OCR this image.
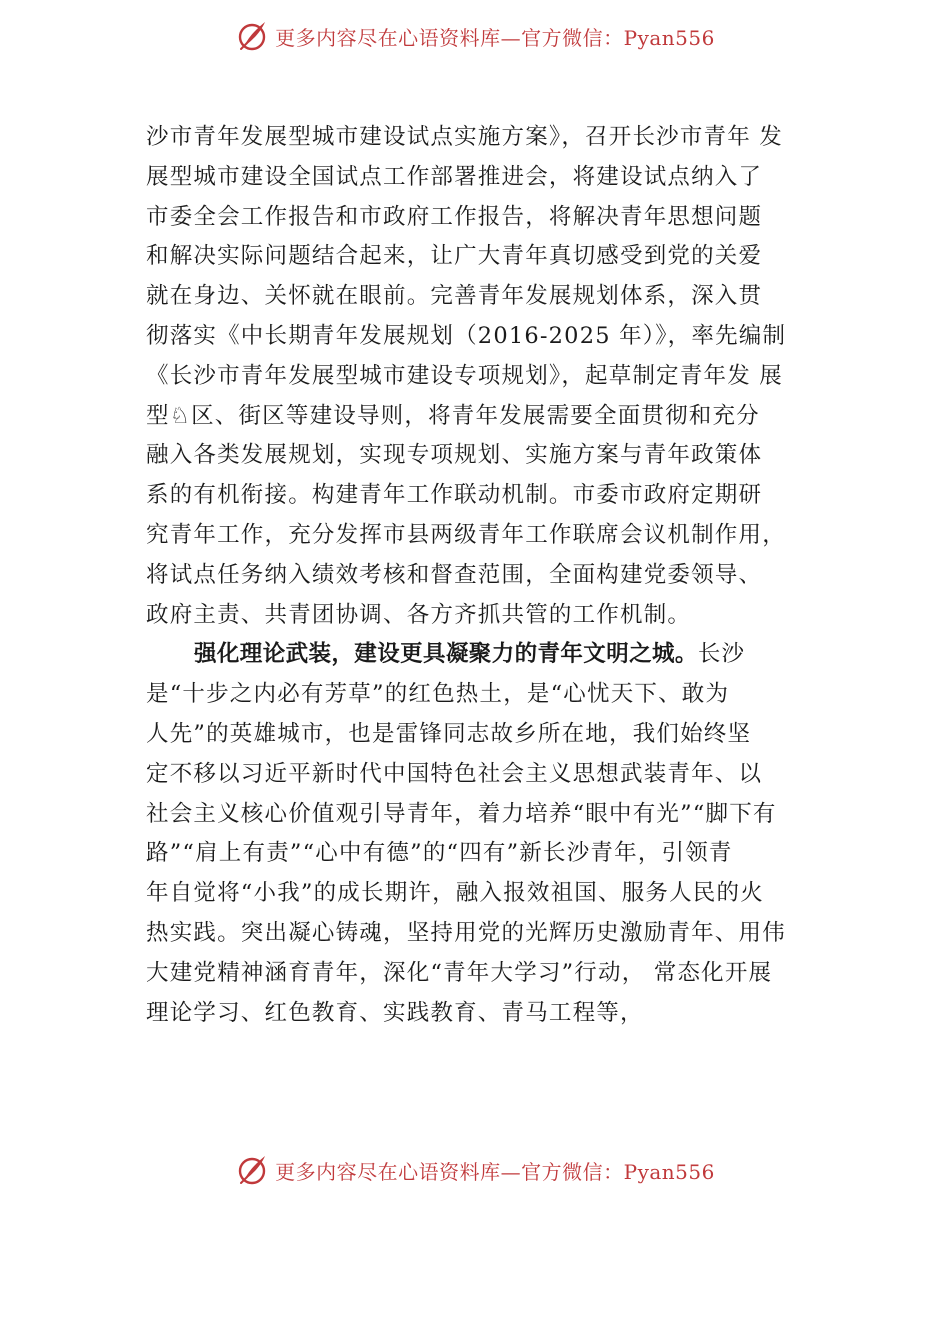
更多内容尽在心语资料库—官方微信：Pyan556
沙市青年发展型城市建设试点实施方案》，召开长沙市青年 发
展型城市建设全国试点工作部署推进会，将建设试点纳入了
市委全会工作报告和市政府工作报告，将解决青年思想问题
和解决实际问题结合起来，让广大青年真切感受到党的关爱
就在身边、关怀就在眼前。完善青年发展规划体系，深入贯
彻落实《中长期青年发展规划（2016-2025 年）》，率先编制
《长沙市青年发展型城市建设专项规划》，起草制定青年发 展
型♘区、街区等建设导则，将青年发展需要全面贯彻和充分
融入各类发展规划，实现专项规划、实施方案与青年政策体
系的有机衔接。构建青年工作联动机制。市委市政府定期研
究青年工作，充分发挥市县两级青年工作联席会议机制作用，
将试点任务纳入绩效考核和督查范围，全面构建党委领导、
政府主责、共青团协调、各方齐抓共管的工作机制。
强化理论武装，建设更具凝聚力的青年文明之城。长沙
是“十步之内必有芳草”的红色热土，是“心忧天下、敢为
人先”的英雄城市，也是雷锋同志故乡所在地，我们始终坚
定不移以习近平新时代中国特色社会主义思想武装青年、以
社会主义核心价值观引导青年，着力培养“眼中有光”“脚下有
路”“肩上有责”“心中有德”的“四有”新长沙青年，引领青
年自觉将“小我”的成长期许，融入报效祖国、服务人民的火
热实践。突出凝心铸魂，坚持用党的光辉历史激励青年、用伟
大建党精神涵育青年，深化“青年大学习”行动， 常态化开展
理论学习、红色教育、实践教育、青马工程等，
更多内容尽在心语资料库—官方微信：Pyan556
